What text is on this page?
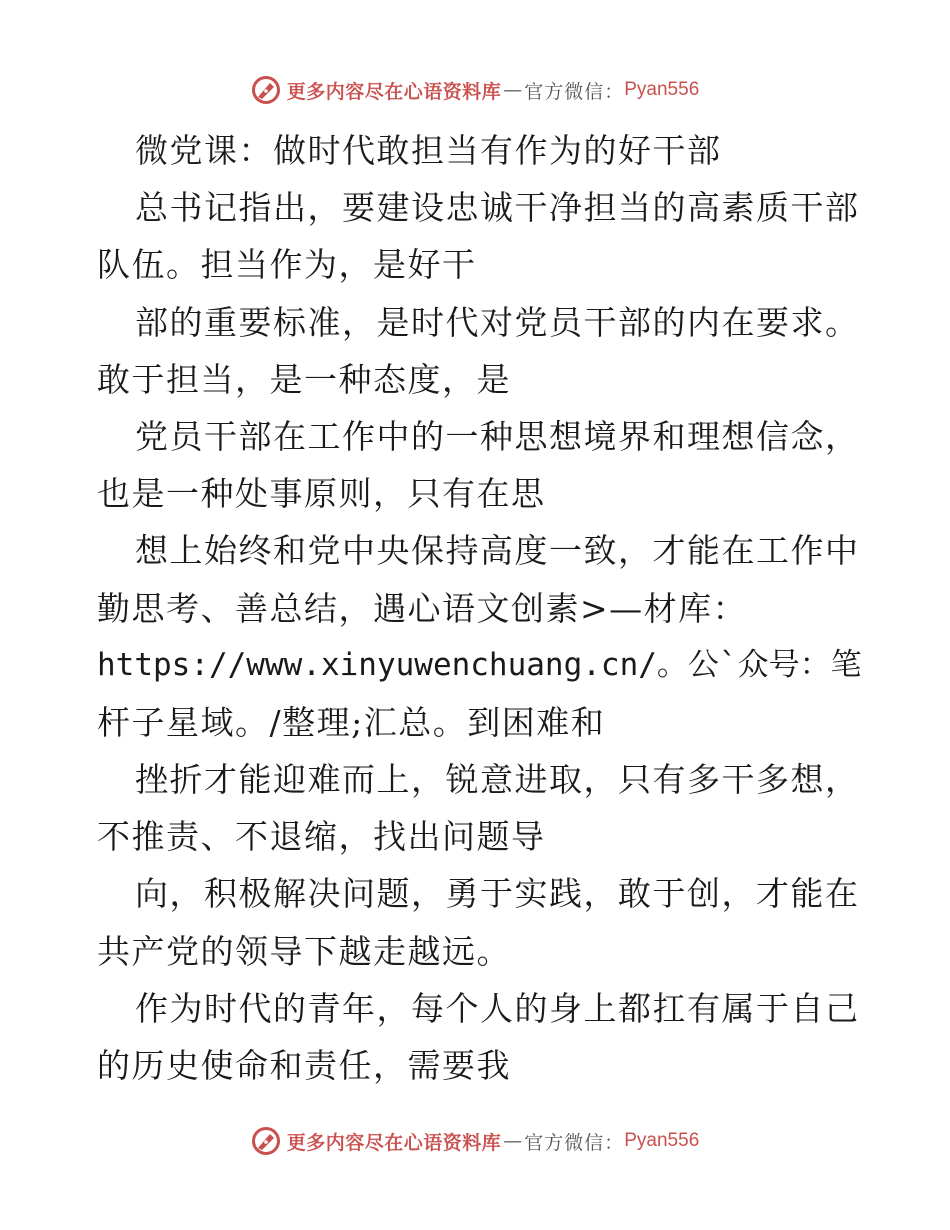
更多内容尽在心语资料库 — 官方微信： Pyan556
微党课：做时代敢担当有作为的好干部
总书记指出，要建设忠诚干净担当的高素质干部
队伍。担当作为，是好干
部的重要标准，是时代对党员干部的内在要求。
敢于担当，是一种态度，是
党员干部在工作中的一种思想境界和理想信念，
也是一种处事原则，只有在思
想上始终和党中央保持高度一致，才能在工作中
勤思考、善总结，遇心语文创素>—材库：
https://www.xinyuwenchuang.cn/。公`众号：笔
杆子星域。/整理;汇总。到困难和
挫折才能迎难而上，锐意进取，只有多干多想，
不推责、不退缩，找出问题导
向，积极解决问题，勇于实践，敢于创，才能在
共产党的领导下越走越远。
作为时代的青年，每个人的身上都扛有属于自己
的历史使命和责任，需要我
更多内容尽在心语资料库 — 官方微信： Pyan556
